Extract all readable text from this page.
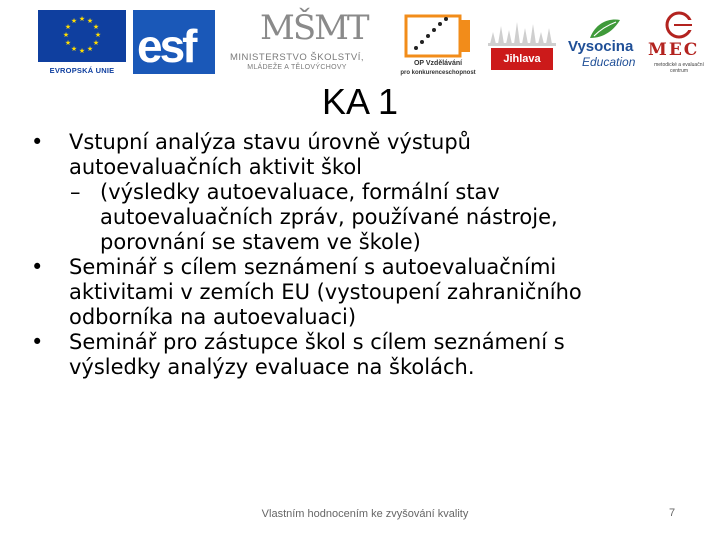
★ ★
★
★
★
★
★
★
★
★
★
★
EVROPSKÁ UNIE esf MŠMT
MINISTERSTVO ŠKOLSTVÍ,
MLÁDEŽE A TĚLOVÝCHOVY
OP Vzdělávání
pro konkurenceschopnost
Jihlava
Vysocina
Education
MEC
metodické a evaluační centrum
KA 1
• Vstupní analýza stavu úrovně výstupů
autoevaluačních aktivit škol
– (výsledky autoevaluace, formální stav
autoevaluačních zpráv, používané nástroje,
porovnání se stavem ve škole)
• Seminář s cílem seznámení s autoevaluačními
aktivitami v zemích EU (vystoupení zahraničního
odborníka na autoevaluaci)
• Seminář pro zástupce škol s cílem seznámení s
výsledky analýzy evaluace na školách.
Vlastním hodnocením ke zvyšování kvality	7
